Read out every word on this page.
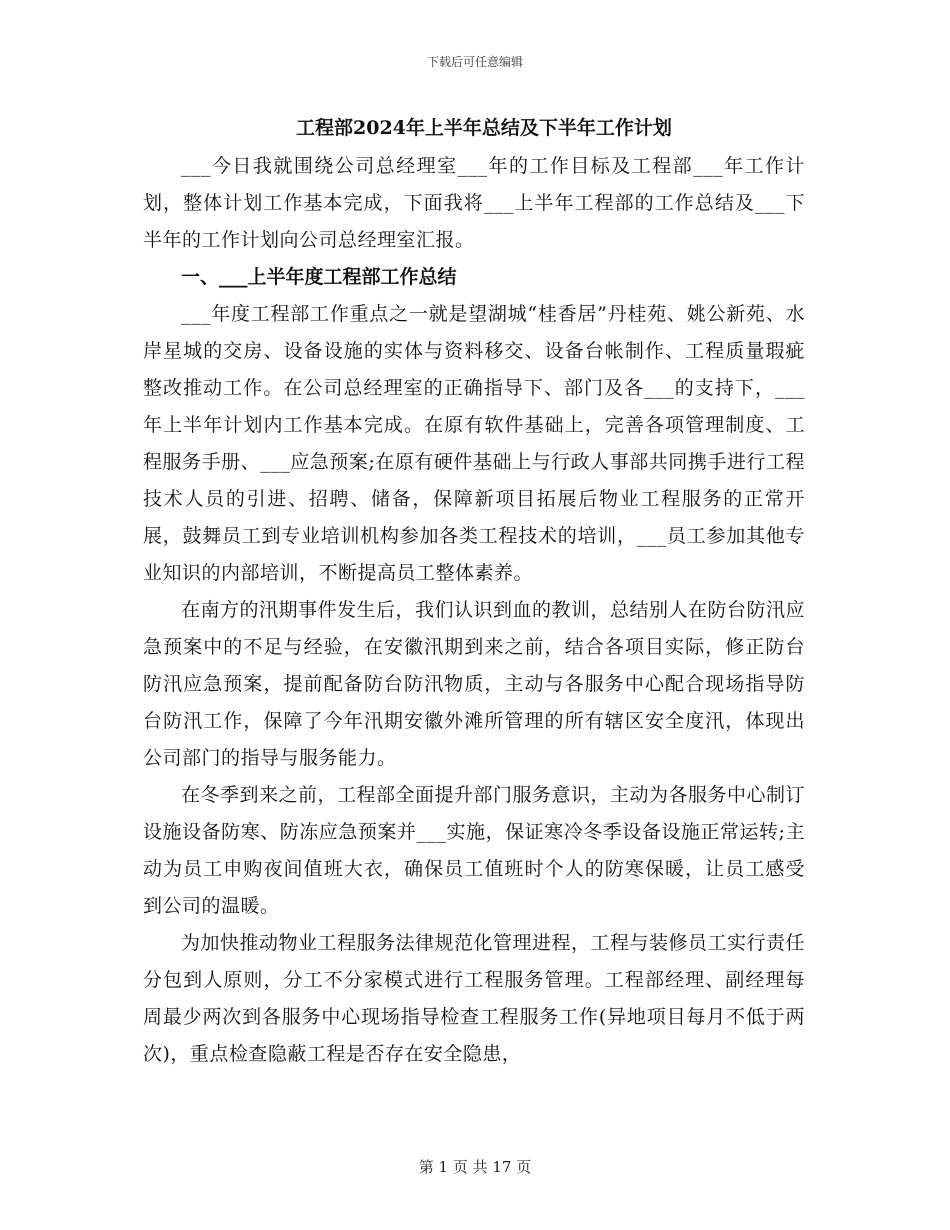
下载后可任意编辑
工程部2024年上半年总结及下半年工作计划

___今日我就围绕公司总经理室___年的工作目标及工程部___年工作计划，整体计划工作基本完成，下面我将___上半年工程部的工作总结及___下半年的工作计划向公司总经理室汇报。

一、___上半年度工程部工作总结

___年度工程部工作重点之一就是望湖城“桂香居”丹桂苑、姚公新苑、水岸星城的交房、设备设施的实体与资料移交、设备台帐制作、工程质量瑕疵整改推动工作。在公司总经理室的正确指导下、部门及各___的支持下，___年上半年计划内工作基本完成。在原有软件基础上，完善各项管理制度、工程服务手册、___应急预案;在原有硬件基础上与行政人事部共同携手进行工程技术人员的引进、招聘、储备，保障新项目拓展后物业工程服务的正常开展，鼓舞员工到专业培训机构参加各类工程技术的培训，___员工参加其他专业知识的内部培训，不断提高员工整体素养。

在南方的汛期事件发生后，我们认识到血的教训，总结别人在防台防汛应急预案中的不足与经验，在安徽汛期到来之前，结合各项目实际，修正防台防汛应急预案，提前配备防台防汛物质，主动与各服务中心配合现场指导防台防汛工作，保障了今年汛期安徽外滩所管理的所有辖区安全度汛，体现出公司部门的指导与服务能力。

在冬季到来之前，工程部全面提升部门服务意识，主动为各服务中心制订设施设备防寒、防冻应急预案并___实施，保证寒冷冬季设备设施正常运转;主动为员工申购夜间值班大衣，确保员工值班时个人的防寒保暖，让员工感受到公司的温暖。

为加快推动物业工程服务法律规范化管理进程，工程与装修员工实行责任分包到人原则，分工不分家模式进行工程服务管理。工程部经理、副经理每周最少两次到各服务中心现场指导检查工程服务工作(异地项目每月不低于两次)，重点检查隐蔽工程是否存在安全隐患，

第 1 页 共 17 页
